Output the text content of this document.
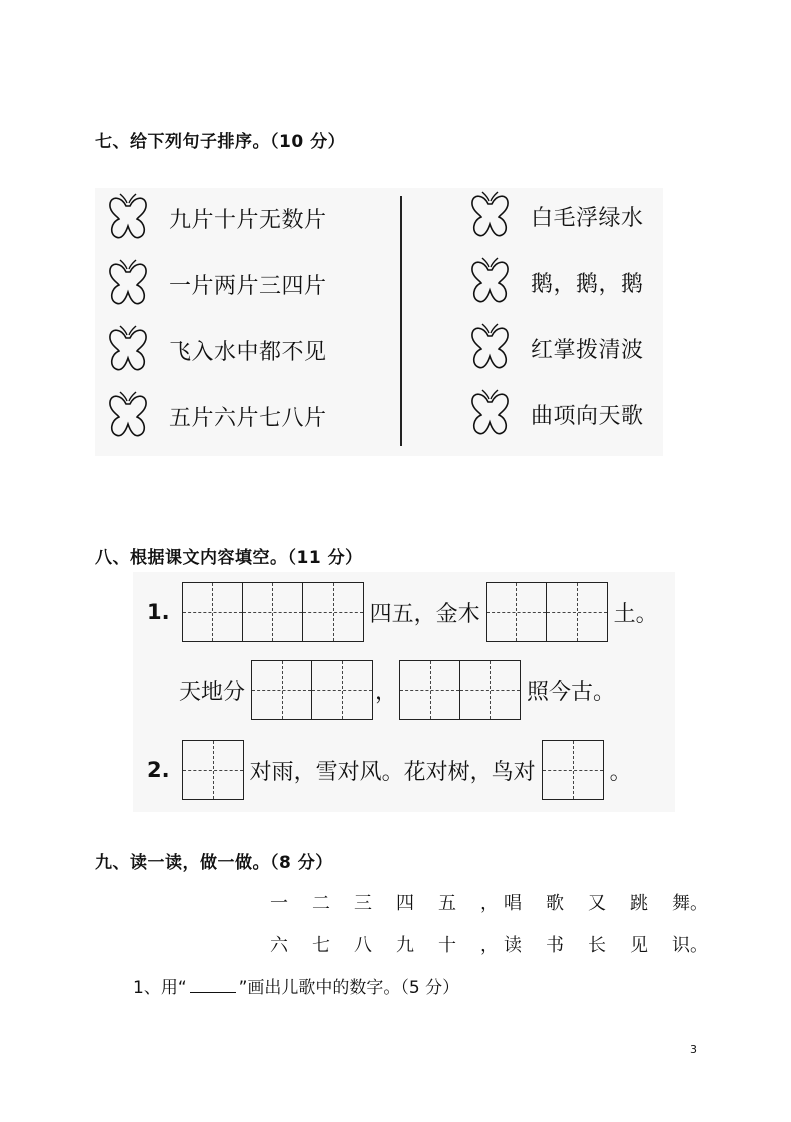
七、给下列句子排序。（10 分）
九片十片无数片
一片两片三四片
飞入水中都不见
五片六片七八片
白毛浮绿水
鹅，鹅，鹅
红掌拨清波
曲项向天歌
八、根据课文内容填空。（11 分）
1.	四五，金木	土。
天地分	，	照今古。
2.	对雨，雪对风。花对树，鸟对	。
九、读一读，做一做。（8 分）
一 二 三 四 五 ， 唱 歌 又 跳 舞。
六 七 八 九 十 ， 读 书 长 见 识。
1、用“	”画出儿歌中的数字。（5 分）
3
